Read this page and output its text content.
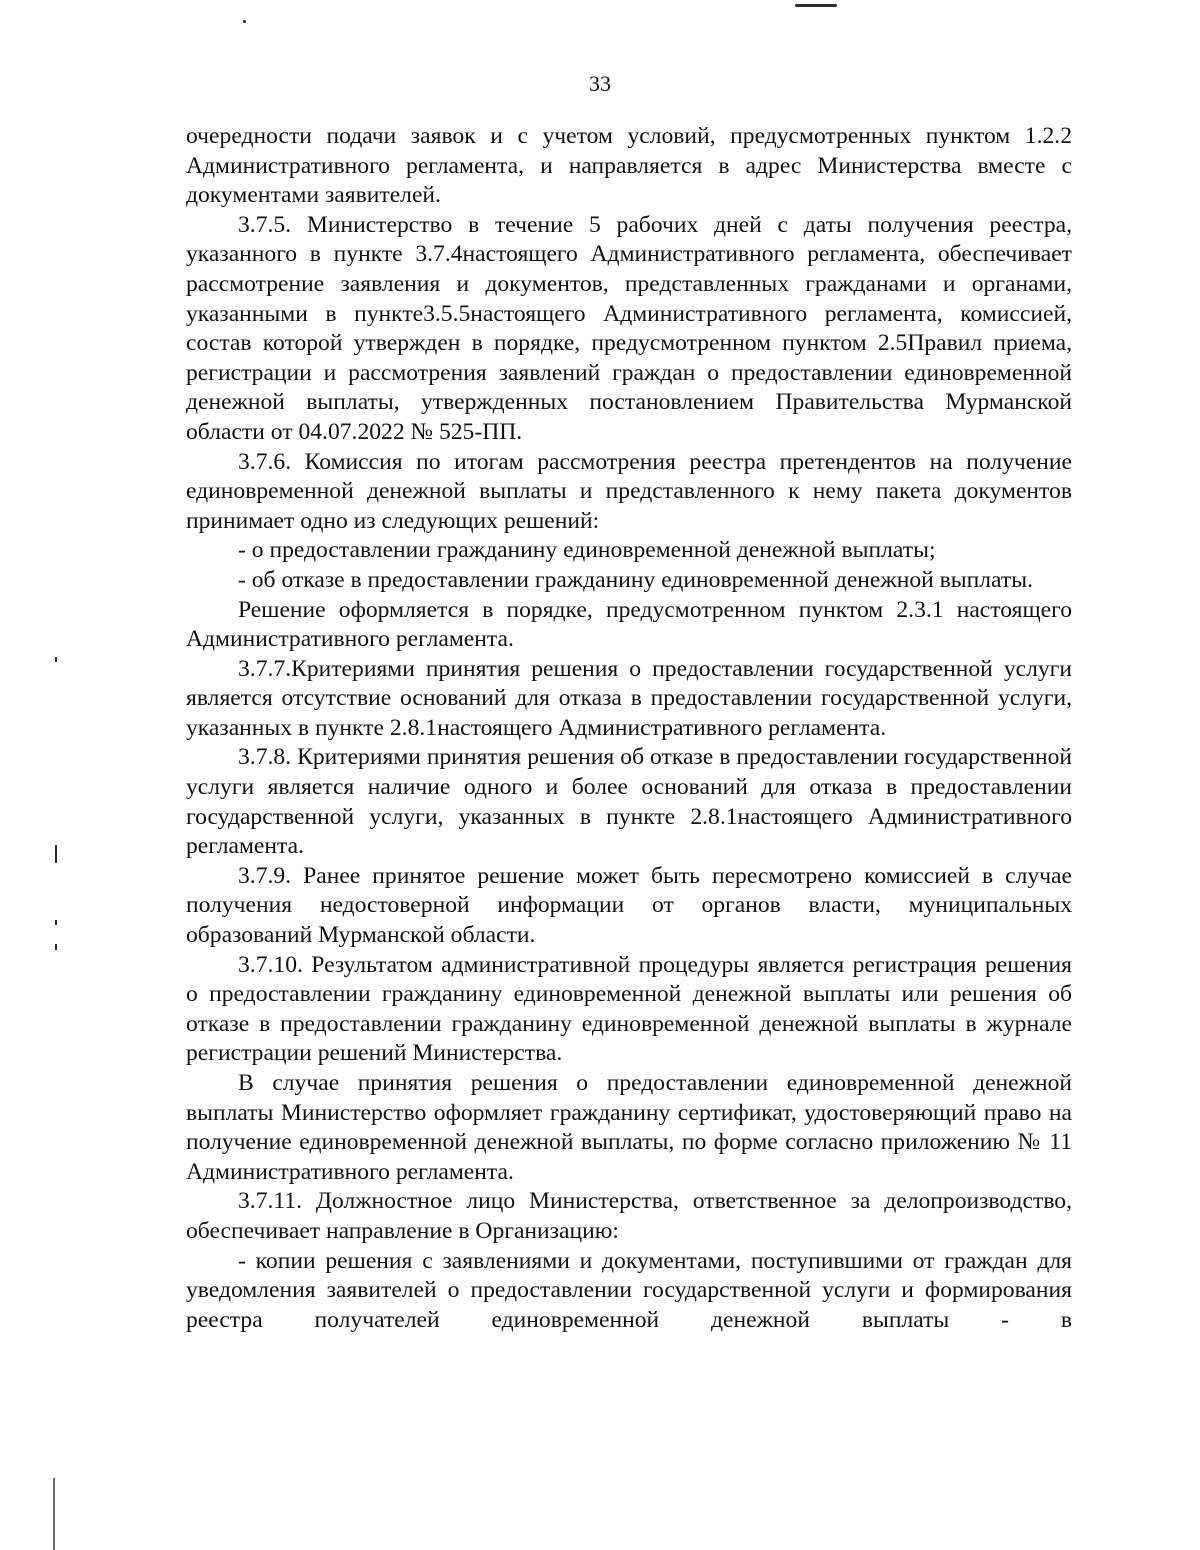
33

очередности подачи заявок и с учетом условий, предусмотренных пунктом 1.2.2 Административного регламента, и направляется в адрес Министерства вместе с документами заявителей.

3.7.5. Министерство в течение 5 рабочих дней с даты получения реестра, указанного в пункте 3.7.4настоящего Административного регламента, обеспечивает рассмотрение заявления и документов, представленных гражданами и органами, указанными в пункте3.5.5настоящего Административного регламента, комиссией, состав которой утвержден в порядке, предусмотренном пунктом 2.5Правил приема, регистрации и рассмотрения заявлений граждан о предоставлении единовременной денежной выплаты, утвержденных постановлением Правительства Мурманской области от 04.07.2022 № 525-ПП.

3.7.6. Комиссия по итогам рассмотрения реестра претендентов на получение единовременной денежной выплаты и представленного к нему пакета документов принимает одно из следующих решений:

- о предоставлении гражданину единовременной денежной выплаты;

- об отказе в предоставлении гражданину единовременной денежной выплаты.

Решение оформляется в порядке, предусмотренном пунктом 2.3.1 настоящего Административного регламента.

3.7.7.Критериями принятия решения о предоставлении государственной услуги является отсутствие оснований для отказа в предоставлении государственной услуги, указанных в пункте 2.8.1настоящего Административного регламента.

3.7.8. Критериями принятия решения об отказе в предоставлении государственной услуги является наличие одного и более оснований для отказа в предоставлении государственной услуги, указанных в пункте 2.8.1настоящего Административного регламента.

3.7.9. Ранее принятое решение может быть пересмотрено комиссией в случае получения недостоверной информации от органов власти, муниципальных образований Мурманской области.

3.7.10. Результатом административной процедуры является регистрация решения о предоставлении гражданину единовременной денежной выплаты или решения об отказе в предоставлении гражданину единовременной денежной выплаты в журнале регистрации решений Министерства.

В случае принятия решения о предоставлении единовременной денежной выплаты Министерство оформляет гражданину сертификат, удостоверяющий право на получение единовременной денежной выплаты, по форме согласно приложению № 11 Административного регламента.

3.7.11. Должностное лицо Министерства, ответственное за делопроизводство, обеспечивает направление в Организацию:

- копии решения с заявлениями и документами, поступившими от граждан для уведомления заявителей о предоставлении государственной услуги и формирования реестра получателей единовременной денежной выплаты - в
